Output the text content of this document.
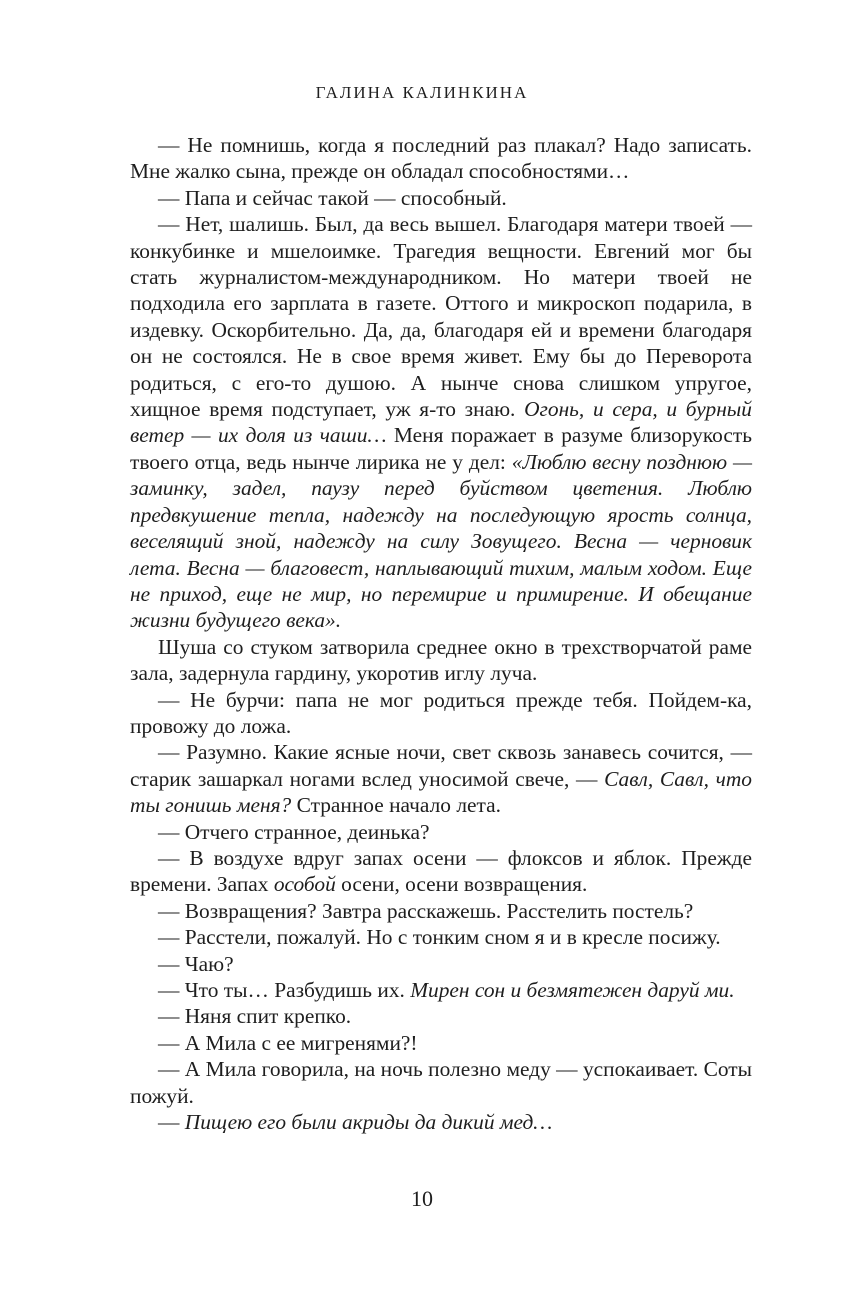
ГАЛИНА КАЛИНКИНА

— Не помнишь, когда я последний раз плакал? Надо записать. Мне жалко сына, прежде он обладал способностями…

— Папа и сейчас такой — способный.

— Нет, шалишь. Был, да весь вышел. Благодаря матери твоей — конкубинке и мшелоимке. Трагедия вещности. Евгений мог бы стать журналистом-международником. Но матери твоей не подходила его зарплата в газете. Оттого и микроскоп подарила, в издевку. Оскорбительно. Да, да, благодаря ей и времени благодаря он не состоялся. Не в свое время живет. Ему бы до Переворота родиться, с его-то душою. А нынче снова слишком упругое, хищное время подступает, уж я-то знаю. Огонь, и сера, и бурный ветер — их доля из чаши… Меня поражает в разуме близорукость твоего отца, ведь нынче лирика не у дел: «Люблю весну позднюю — заминку, задел, паузу перед буйством цветения. Люблю предвкушение тепла, надежду на последующую ярость солнца, веселящий зной, надежду на силу Зовущего. Весна — черновик лета. Весна — благовест, наплывающий тихим, малым ходом. Еще не приход, еще не мир, но перемирие и примирение. И обещание жизни будущего века».

Шуша со стуком затворила среднее окно в трехстворчатой раме зала, задернула гардину, укоротив иглу луча.

— Не бурчи: папа не мог родиться прежде тебя. Пойдем-ка, провожу до ложа.

— Разумно. Какие ясные ночи, свет сквозь занавесь сочится, — старик зашаркал ногами вслед уносимой свече, — Савл, Савл, что ты гонишь меня? Странное начало лета.

— Отчего странное, деинька?

— В воздухе вдруг запах осени — флоксов и яблок. Прежде времени. Запах особой осени, осени возвращения.

— Возвращения? Завтра расскажешь. Расстелить постель?

— Расстели, пожалуй. Но с тонким сном я и в кресле посижу.

— Чаю?

— Что ты… Разбудишь их. Мирен сон и безмятежен даруй ми.

— Няня спит крепко.

— А Мила с ее мигренями?!

— А Мила говорила, на ночь полезно меду — успокаивает. Соты пожуй.

— Пищею его были акриды да дикий мед…

10
